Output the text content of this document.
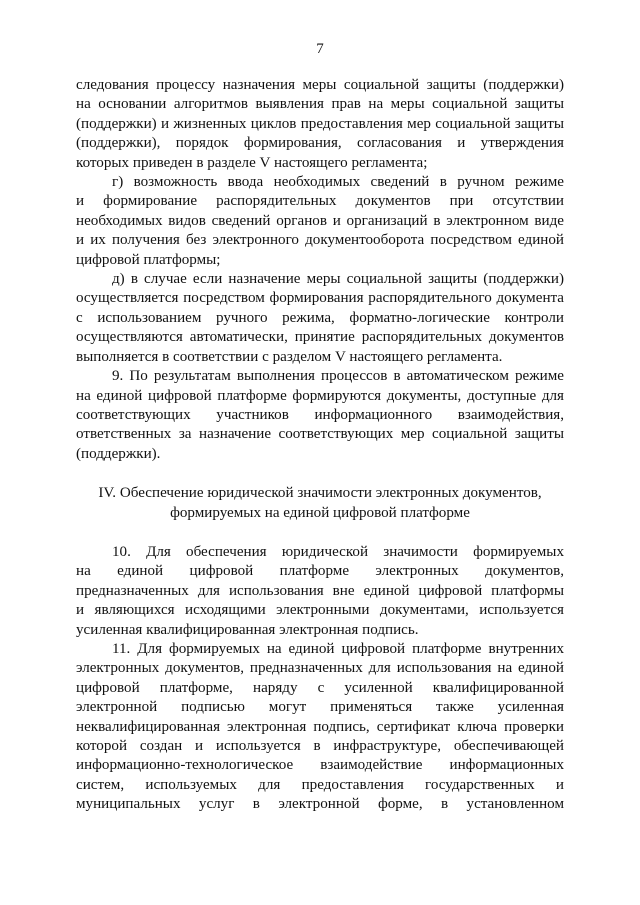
7
следования процессу назначения меры социальной защиты (поддержки)
на основании алгоритмов выявления прав на меры социальной защиты
(поддержки) и жизненных циклов предоставления мер социальной защиты
(поддержки), порядок формирования, согласования и утверждения
которых приведен в разделе V настоящего регламента;
г) возможность ввода необходимых сведений в ручном режиме
и формирование распорядительных документов при отсутствии
необходимых видов сведений органов и организаций в электронном виде
и их получения без электронного документооборота посредством единой
цифровой платформы;
д) в случае если назначение меры социальной защиты (поддержки)
осуществляется посредством формирования распорядительного документа
с использованием ручного режима, форматно-логические контроли
осуществляются автоматически, принятие распорядительных документов
выполняется в соответствии с разделом V настоящего регламента.
9. По результатам выполнения процессов в автоматическом режиме
на единой цифровой платформе формируются документы, доступные для
соответствующих участников информационного взаимодействия,
ответственных за назначение соответствующих мер социальной защиты
(поддержки).
IV. Обеспечение юридической значимости электронных документов,
формируемых на единой цифровой платформе
10. Для обеспечения юридической значимости формируемых
на единой цифровой платформе электронных документов,
предназначенных для использования вне единой цифровой платформы
и являющихся исходящими электронными документами, используется
усиленная квалифицированная электронная подпись.
11. Для формируемых на единой цифровой платформе внутренних
электронных документов, предназначенных для использования на единой
цифровой платформе, наряду с усиленной квалифицированной
электронной подписью могут применяться также усиленная
неквалифицированная электронная подпись, сертификат ключа проверки
которой создан и используется в инфраструктуре, обеспечивающей
информационно-технологическое взаимодействие информационных
систем, используемых для предоставления государственных и
муниципальных услуг в электронной форме, в установленном
